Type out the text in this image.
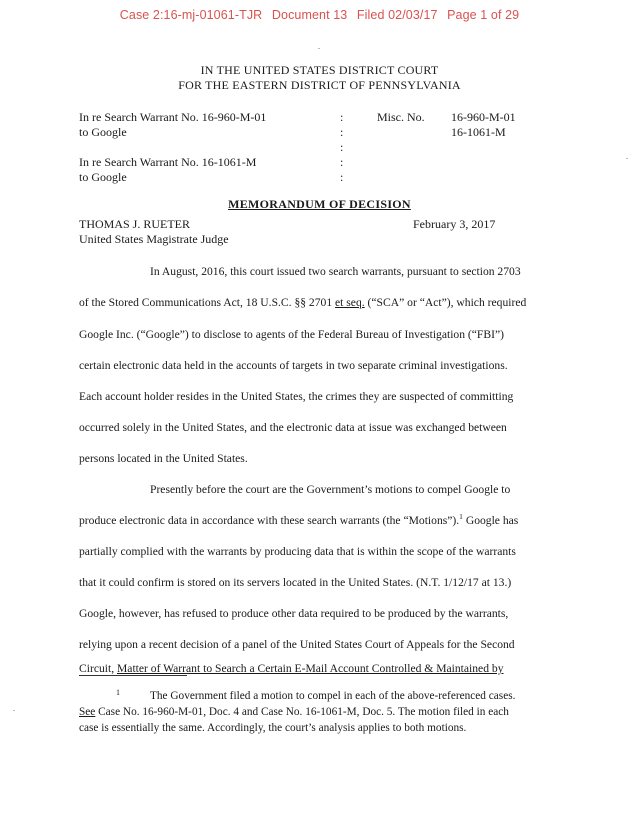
Case 2:16-mj-01061-TJR Document 13 Filed 02/03/17 Page 1 of 29
IN THE UNITED STATES DISTRICT COURT
FOR THE EASTERN DISTRICT OF PENNSYLVANIA
In re Search Warrant No. 16-960-M-01
to Google
In re Search Warrant No. 16-1061-M
to Google
:
:
:
:
:
Misc. No. 16-960-M-01
16-1061-M
MEMORANDUM OF DECISION
THOMAS J. RUETER
United States Magistrate Judge
February 3, 2017
In August, 2016, this court issued two search warrants, pursuant to section 2703
of the Stored Communications Act, 18 U.S.C. §§ 2701 et seq. (“SCA” or “Act”), which required
Google Inc. (“Google”) to disclose to agents of the Federal Bureau of Investigation (“FBI”)
certain electronic data held in the accounts of targets in two separate criminal investigations.
Each account holder resides in the United States, the crimes they are suspected of committing
occurred solely in the United States, and the electronic data at issue was exchanged between
persons located in the United States.
Presently before the court are the Government’s motions to compel Google to
produce electronic data in accordance with these search warrants (the “Motions”).$^1$ Google has
partially complied with the warrants by producing data that is within the scope of the warrants
that it could confirm is stored on its servers located in the United States. (N.T. 1/12/17 at 13.)
Google, however, has refused to produce other data required to be produced by the warrants,
relying upon a recent decision of a panel of the United States Court of Appeals for the Second
Circuit, Matter of Warrant to Search a Certain E-Mail Account Controlled & Maintained by
1	The Government filed a motion to compel in each of the above-referenced cases.
See Case No. 16-960-M-01, Doc. 4 and Case No. 16-1061-M, Doc. 5. The motion filed in each
case is essentially the same. Accordingly, the court’s analysis applies to both motions.
